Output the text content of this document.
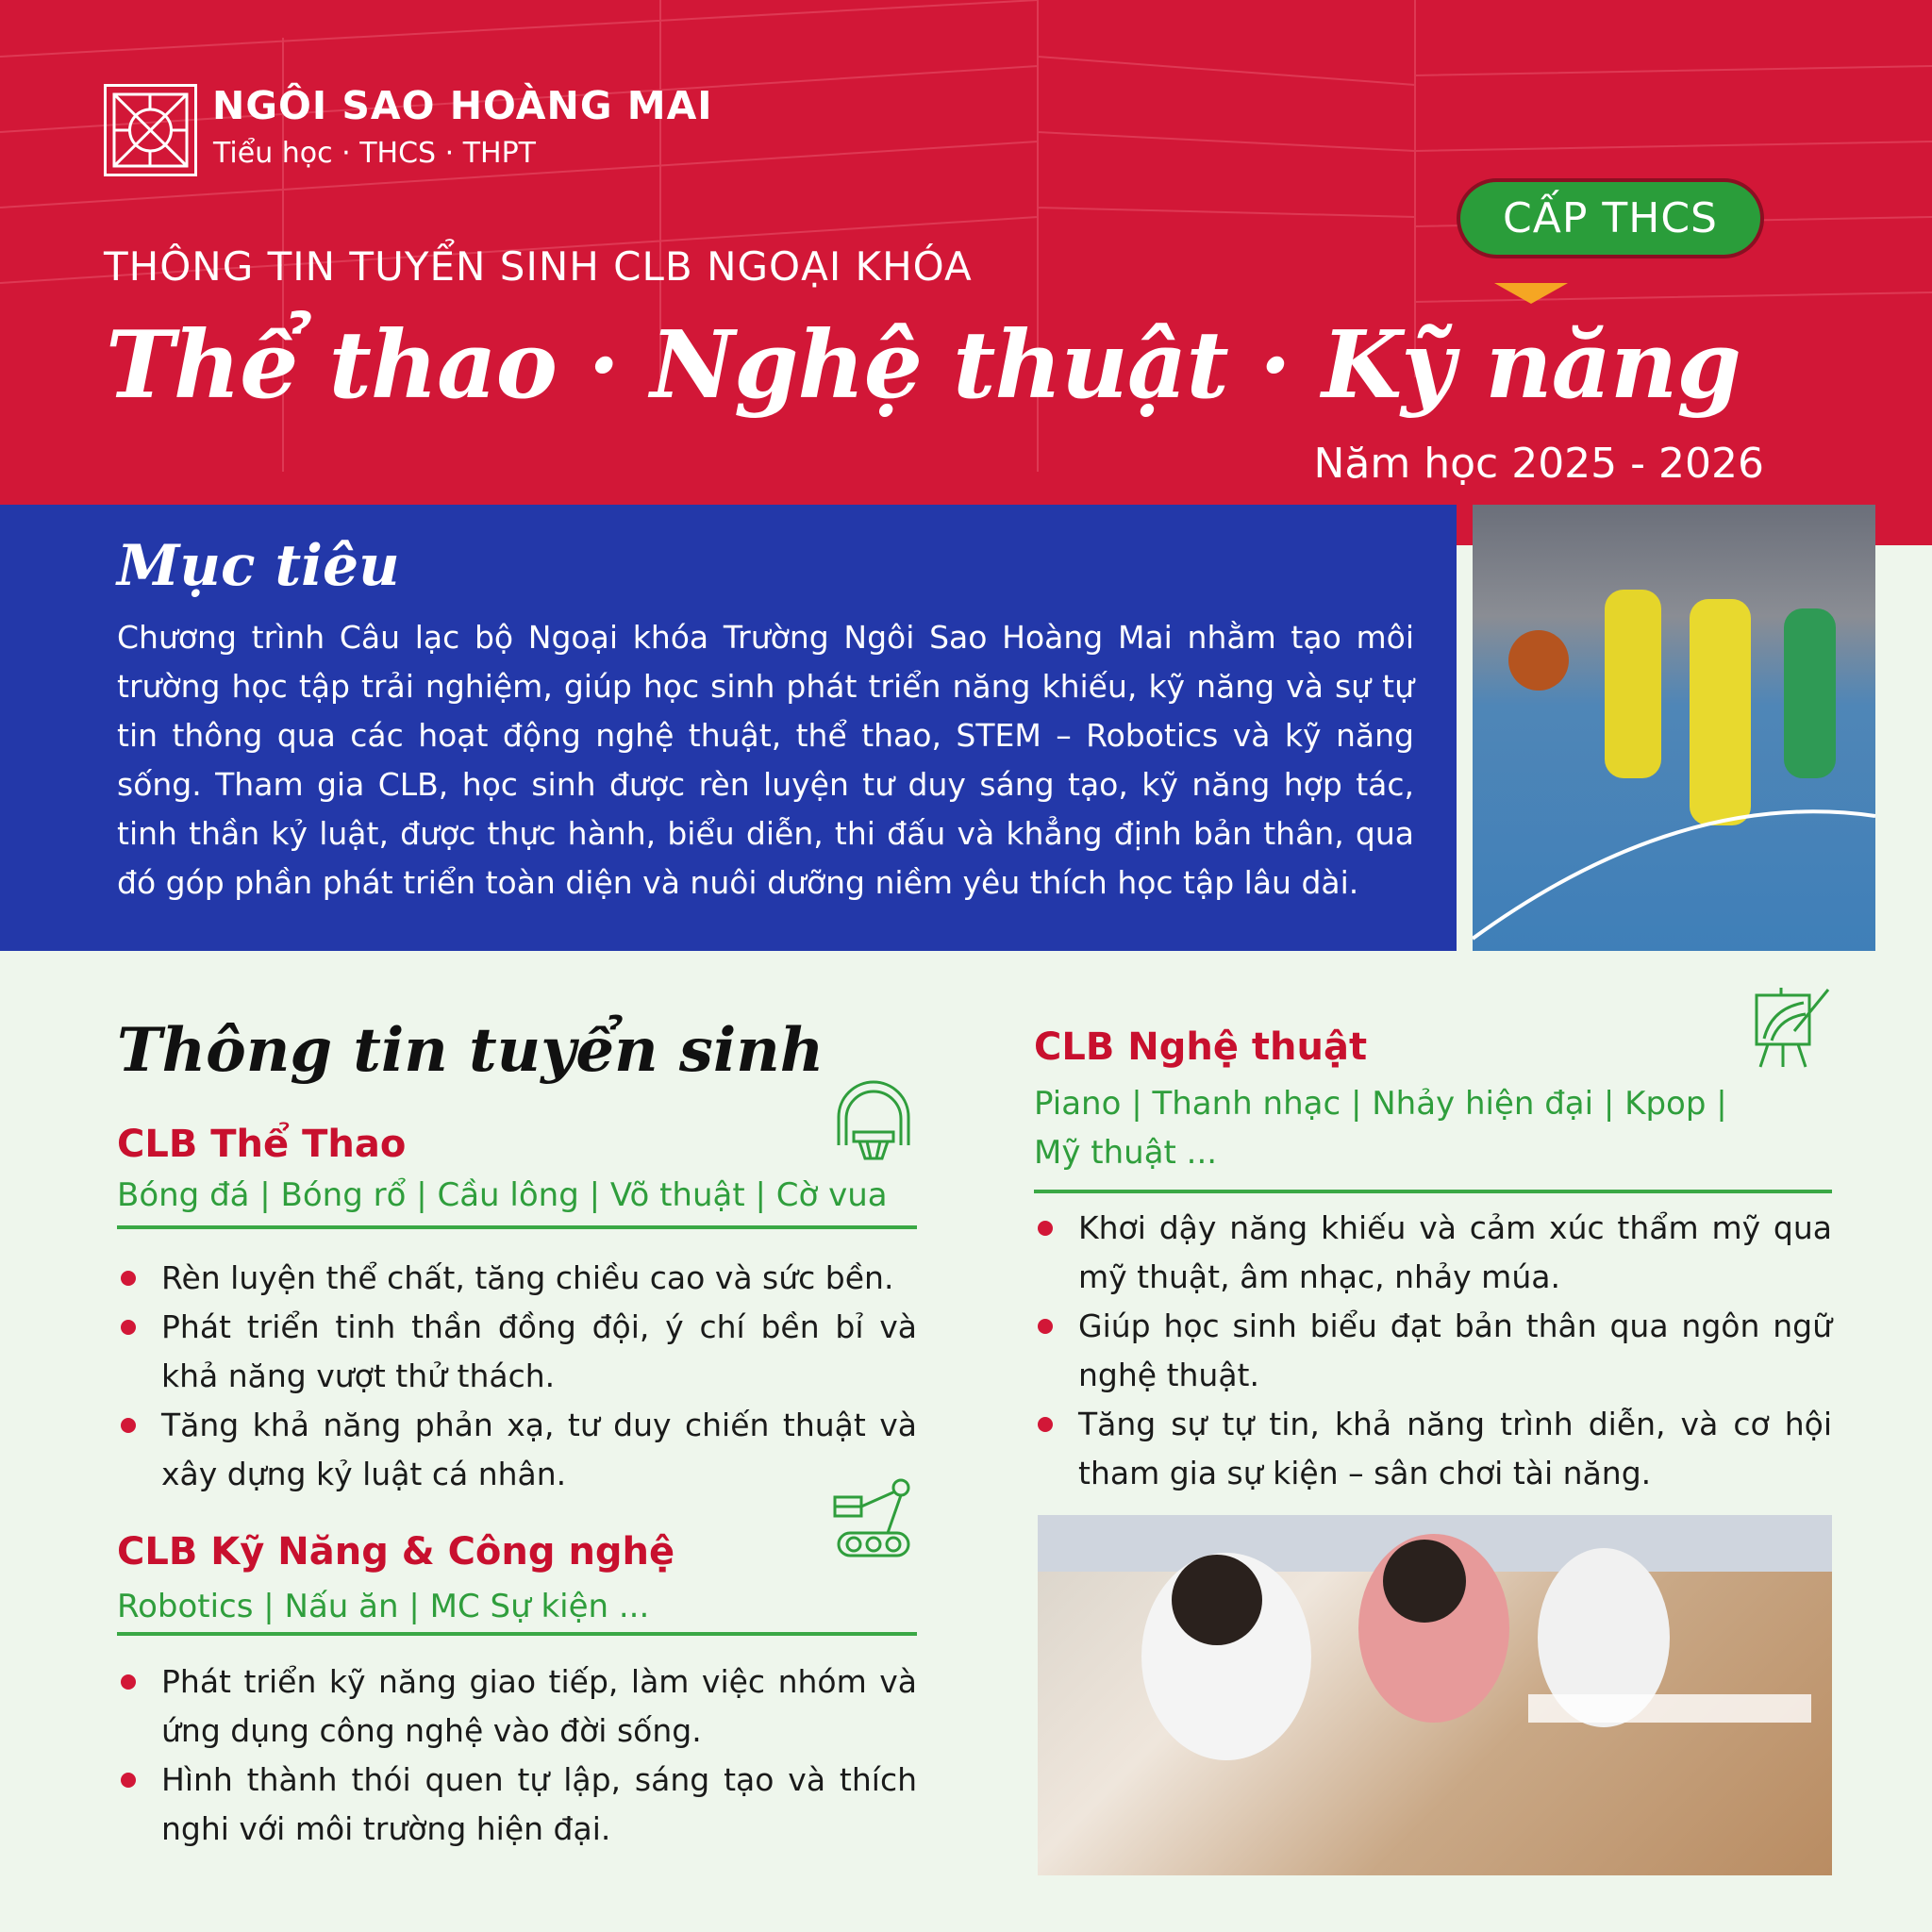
NGÔI SAO HOÀNG MAI
Tiểu học · THCS · THPT
CẤP THCS
THÔNG TIN TUYỂN SINH CLB NGOẠI KHÓA
Thể thao · Nghệ thuật · Kỹ năng
Năm học 2025 - 2026
Mục tiêu
Chương trình Câu lạc bộ Ngoại khóa Trường Ngôi Sao Hoàng Mai nhằm tạo môi trường học tập trải nghiệm, giúp học sinh phát triển năng khiếu, kỹ năng và sự tự tin thông qua các hoạt động nghệ thuật, thể thao, STEM – Robotics và kỹ năng sống. Tham gia CLB, học sinh được rèn luyện tư duy sáng tạo, kỹ năng hợp tác, tinh thần kỷ luật, được thực hành, biểu diễn, thi đấu và khẳng định bản thân, qua đó góp phần phát triển toàn diện và nuôi dưỡng niềm yêu thích học tập lâu dài.
Thông tin tuyển sinh
CLB Thể Thao
Bóng đá | Bóng rổ | Cầu lông | Võ thuật | Cờ vua
Rèn luyện thể chất, tăng chiều cao và sức bền.
Phát triển tinh thần đồng đội, ý chí bền bỉ và khả năng vượt thử thách.
Tăng khả năng phản xạ, tư duy chiến thuật và xây dựng kỷ luật cá nhân.
CLB Kỹ Năng & Công nghệ
Robotics | Nấu ăn | MC Sự kiện ...
Phát triển kỹ năng giao tiếp, làm việc nhóm và ứng dụng công nghệ vào đời sống.
Hình thành thói quen tự lập, sáng tạo và thích nghi với môi trường hiện đại.
CLB Nghệ thuật
Piano | Thanh nhạc | Nhảy hiện đại | Kpop | Mỹ thuật ...
Khơi dậy năng khiếu và cảm xúc thẩm mỹ qua mỹ thuật, âm nhạc, nhảy múa.
Giúp học sinh biểu đạt bản thân qua ngôn ngữ nghệ thuật.
Tăng sự tự tin, khả năng trình diễn, và cơ hội tham gia sự kiện – sân chơi tài năng.
